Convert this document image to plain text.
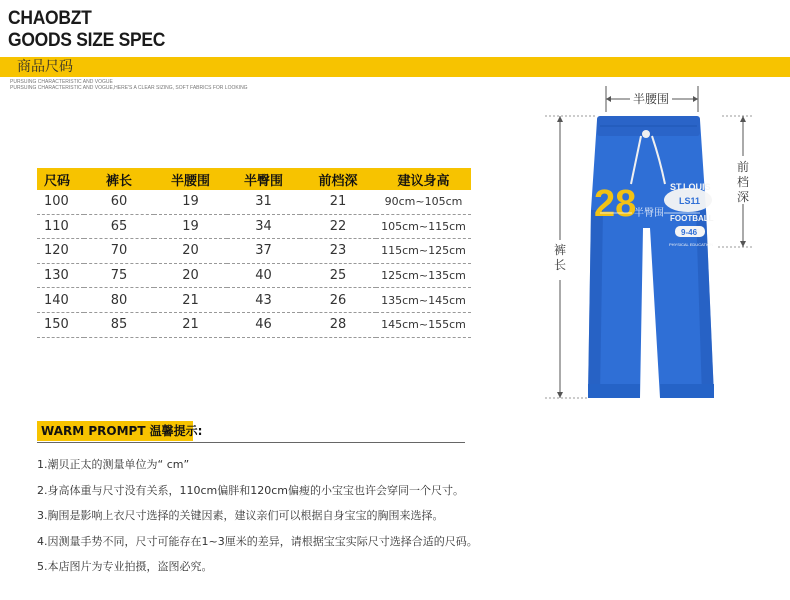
CHAOBZT
GOODS SIZE SPEC
商品尺码
PURSUING CHARACTERISTIC AND VOGUE
PURSUING CHARACTERISTIC AND VOGUE,HERE'S A CLEAR SIZING, SOFT FABRICS FOR LOOKING
尺码	裤长	半腰围	半臀围	前档深	建议身高
100	60	19	31	21	90cm~105cm
110	65	19	34	22	105cm~115cm
120	70	20	37	23	115cm~125cm
130	75	20	40	25	125cm~135cm
140	80	21	43	26	135cm~145cm
150	85	21	46	28	145cm~155cm
WARM PROMPT 温馨提示:
1.潮贝正太的测量单位为“ cm”
2.身高体重与尺寸没有关系，110cm偏胖和120cm偏瘦的小宝宝也许会穿同一个尺寸。
3.胸围是影响上衣尺寸选择的关键因素，建议亲们可以根据自身宝宝的胸围来选择。
4.因测量手势不同，尺寸可能存在1~3厘米的差异，请根据宝宝实际尺寸选择合适的尺码。
5.本店图片为专业拍摄，盗图必究。
28	ST.LOUIS
LS11
FOOTBALL
9-46
PHYSICAL EDUCATION
半腰围
半臀围
前档深
裤长
